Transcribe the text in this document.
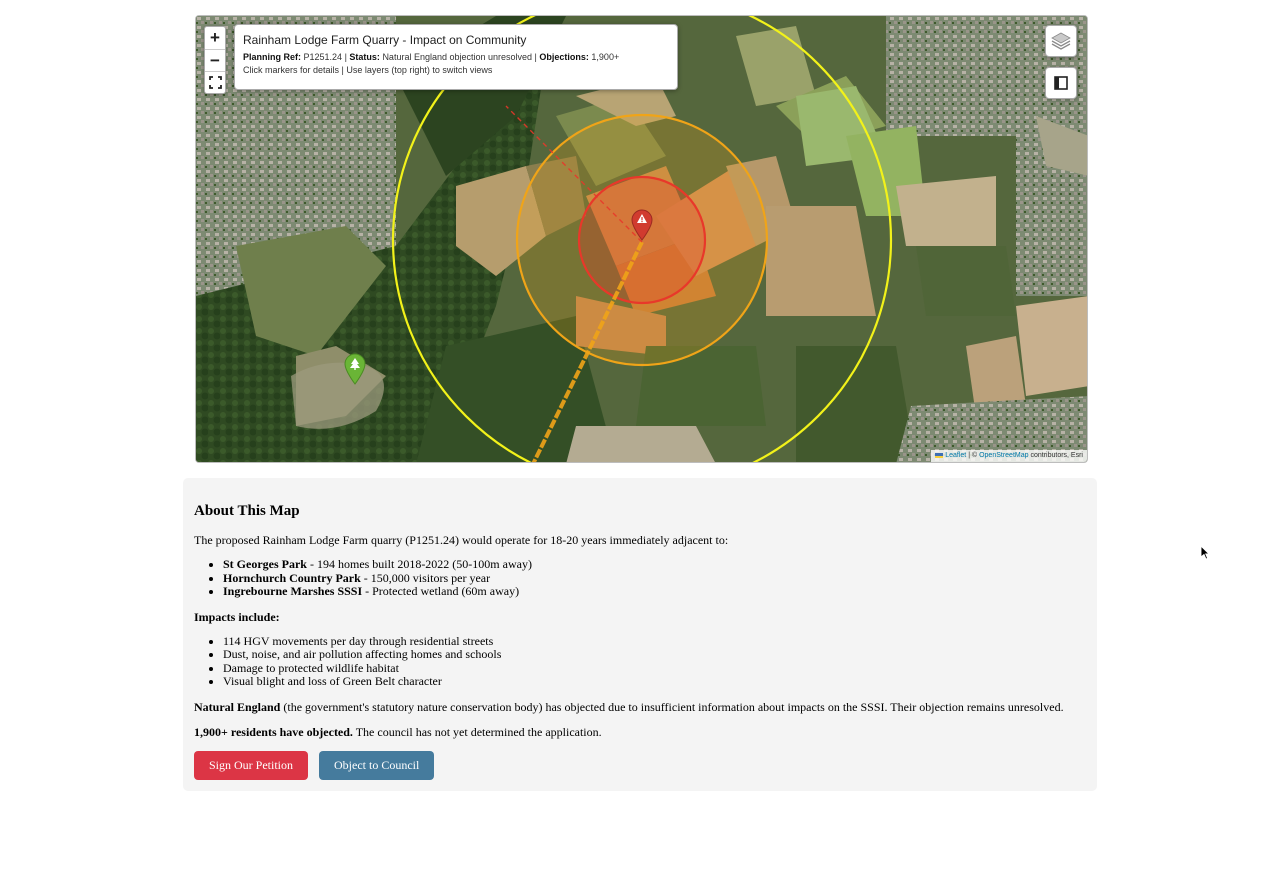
+
−
Rainham Lodge Farm Quarry - Impact on Community
Planning Ref: P1251.24 | Status: Natural England objection unresolved | Objections: 1,900+
Click markers for details | Use layers (top right) to switch views
Leaflet | © OpenStreetMap contributors, Esri
About This Map

The proposed Rainham Lodge Farm quarry (P1251.24) would operate for 18-20 years immediately adjacent to:

• St Georges Park - 194 homes built 2018-2022 (50-100m away)
• Hornchurch Country Park - 150,000 visitors per year
• Ingrebourne Marshes SSSI - Protected wetland (60m away)

Impacts include:

• 114 HGV movements per day through residential streets
• Dust, noise, and air pollution affecting homes and schools
• Damage to protected wildlife habitat
• Visual blight and loss of Green Belt character

Natural England (the government's statutory nature conservation body) has objected due to insufficient information about impacts on the SSSI. Their objection remains unresolved.

1,900+ residents have objected. The council has not yet determined the application.

Sign Our Petition	Object to Council
